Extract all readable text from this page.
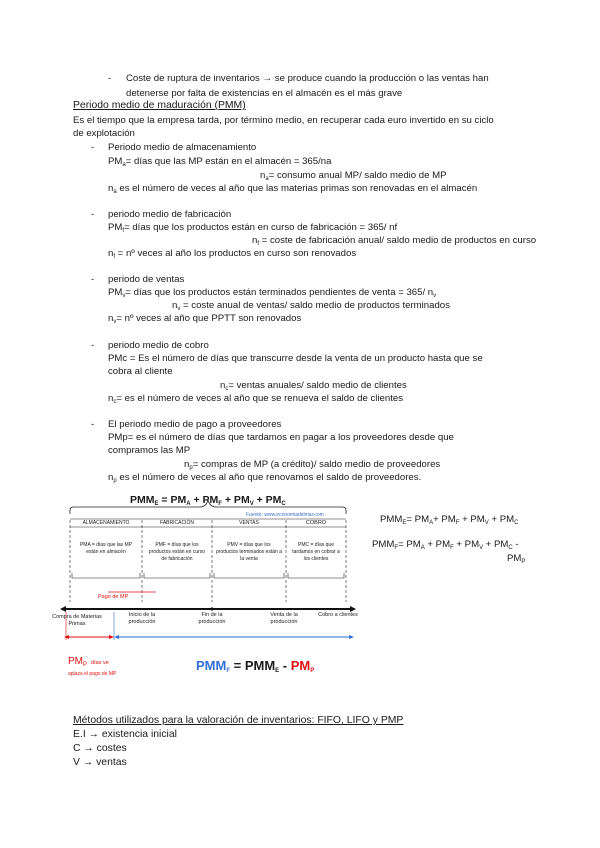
- Coste de ruptura de inventarios → se produce cuando la producción o las ventas han
detenerse por falta de existencias en el almacén es el más grave
Periodo medio de maduración (PMM)
Es el tiempo que la empresa tarda, por término medio, en recuperar cada euro invertido en su ciclo
de explotación
- Periodo medio de almacenamiento
$PM_a=$ días que las MP están en el almacén = 365/na
$n_a=$ consumo anual MP/ saldo medio de MP
$n_a$ es el número de veces al año que las materias primas son renovadas en el almacén
- periodo medio de fabricación
$PM_f=$ días que los productos están en curso de fabricación = 365/ nf
$n_f$ = coste de fabricación anual/ saldo medio de productos en curso
$n_f$ = nº veces al año los productos en curso son renovados
- periodo de ventas
$PM_v=$ días que los productos están terminados pendientes de venta = 365/ $n_v$
$n_v$ = coste anual de ventas/ saldo medio de productos terminados
$n_v=$ nº veces al año que PPTT son renovados
- periodo medio de cobro
PMc = Es el número de días que transcurre desde la venta de un producto hasta que se
cobra al cliente
$n_c=$ ventas anuales/ saldo medio de clientes
$n_c=$ es el número de veces al año que se renueva el saldo de clientes
- El periodo medio de pago a proveedores
PMp= es el número de días que tardamos en pagar a los proveedores desde que
compramos las MP
$n_p=$ compras de MP (a crédito)/ saldo medio de proveedores
$n_p$ es el número de veces al año que renovamos el saldo de proveedores.
$PMM_E = PM_A + PM_F + PM_V + PM_C$
Fuente: www.economiadelmar.com
ALMACENAMIENTO	FABRICACIÓN	VENTAS	COBRO
PMA = días que las MP están en almacén
PMF = días que los productos están en curso de fabricación
PMV = días que los productos terminados están a la venta
PMC = días que tardamos en cobrar a los clientes
Pago de MP
Compra de Materias Primas
Inicio de la producción
Fin de la producción
Venta de la producción
Cobro a clientes
$PM_P$ días ve
aplaza el pago de MP
$PMM_F = PMM_E - PM_P$
$PMM_E= PM_A+ PM_F + PM_V + PM_C$
$PMM_F= PM_A + PM_F + PM_V + PM_C$ -
$PM_P$
Métodos utilizados para la valoración de inventarios: FIFO, LIFO y PMP
E.I → existencia inicial
C → costes
V → ventas
